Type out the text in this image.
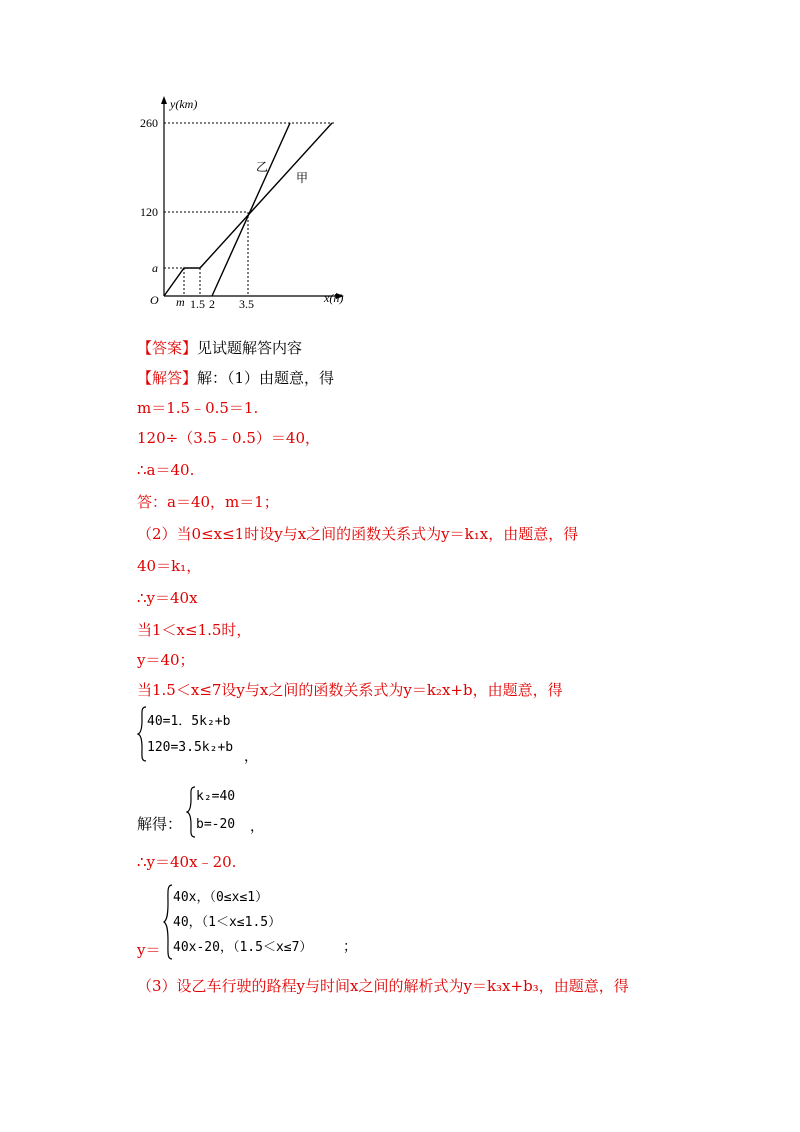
y(km)
x(h)
O
260
120
a
m 1.5 2 3.5
乙
甲
【答案】见试题解答内容
【解答】解：（1）由题意，得
m＝1.5﹣0.5＝1.
120÷（3.5﹣0.5）＝40，
∴a＝40.
答：a＝40，m＝1；
（2）当0≤x≤1时设y与x之间的函数关系式为y＝k₁x，由题意，得
40＝k₁，
∴y＝40x
当1＜x≤1.5时，
y＝40；
当1.5＜x≤7设y与x之间的函数关系式为y＝k₂x+b，由题意，得
40=1．5k₂+b
120=3.5k₂+b
，
解得：
k₂=40
b=-20 ，
∴y＝40x﹣20.
y＝
40x，（0≤x≤1）
40，（1＜x≤1.5）
40x-20，（1.5＜x≤7） ；
（3）设乙车行驶的路程y与时间x之间的解析式为y＝k₃x+b₃，由题意，得
